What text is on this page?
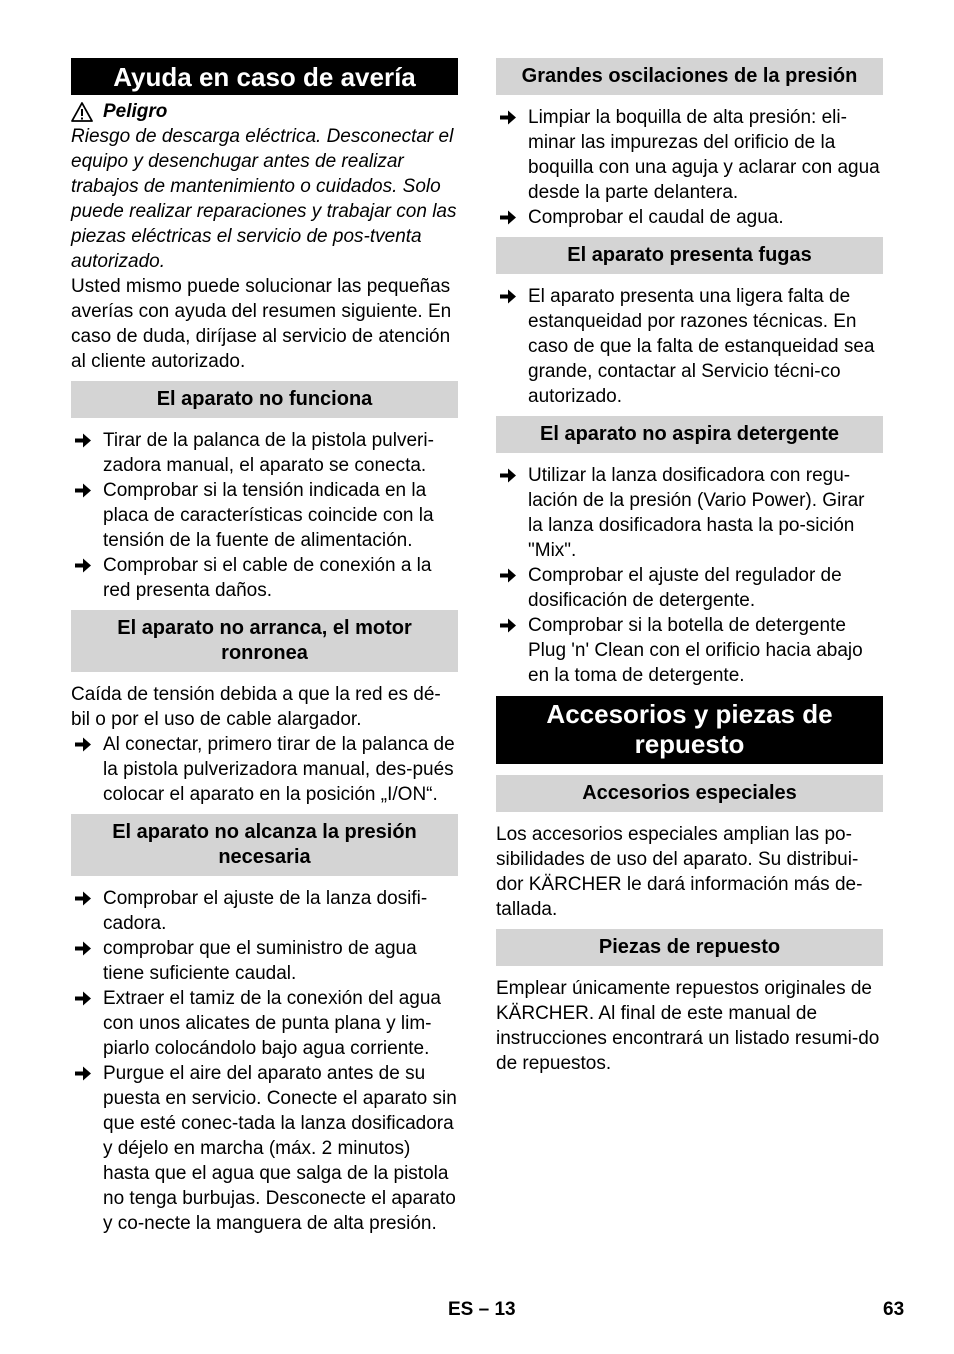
Ayuda en caso de avería
Peligro

Riesgo de descarga eléctrica. Desconectar el equipo y desenchugar antes de realizar trabajos de mantenimiento o cuidados. Solo puede realizar reparaciones y trabajar con las piezas eléctricas el servicio de pos-tventa autorizado.

Usted mismo puede solucionar las pequeñas averías con ayuda del resumen siguiente. En caso de duda, diríjase al servicio de atención al cliente autorizado.

El aparato no funciona
Tirar de la palanca de la pistola pulveri-zadora manual, el aparato se conecta.
Comprobar si la tensión indicada en la placa de características coincide con la tensión de la fuente de alimentación.
Comprobar si el cable de conexión a la red presenta daños.
El aparato no arranca, el motor ronronea

Caída de tensión debida a que la red es dé-bil o por el uso de cable alargador.

Al conectar, primero tirar de la palanca de la pistola pulverizadora manual, des-pués colocar el aparato en la posición „I/ON“.
El aparato no alcanza la presión necesaria
Comprobar el ajuste de la lanza dosifi-cadora.
comprobar que el suministro de agua tiene suficiente caudal.
Extraer el tamiz de la conexión del agua con unos alicates de punta plana y lim-piarlo colocándolo bajo agua corriente.
Purgue el aire del aparato antes de su puesta en servicio. Conecte el aparato sin que esté conec-tada la lanza dosificadora y déjelo en marcha (máx. 2 minutos) hasta que el agua que salga de la pistola no tenga burbujas. Desconecte el aparato y co-necte la manguera de alta presión.
Grandes oscilaciones de la presión
Limpiar la boquilla de alta presión: eli-minar las impurezas del orificio de la boquilla con una aguja y aclarar con agua desde la parte delantera.
Comprobar el caudal de agua.
El aparato presenta fugas
El aparato presenta una ligera falta de estanqueidad por razones técnicas. En caso de que la falta de estanqueidad sea grande, contactar al Servicio técni-co autorizado.
El aparato no aspira detergente
Utilizar la lanza dosificadora con regu-lación de la presión (Vario Power). Girar la lanza dosificadora hasta la po-sición "Mix".
Comprobar el ajuste del regulador de dosificación de detergente.
Comprobar si la botella de detergente Plug 'n' Clean con el orificio hacia abajo en la toma de detergente.
Accesorios y piezas de repuesto
Accesorios especiales

Los accesorios especiales amplian las po-sibilidades de uso del aparato. Su distribui-dor KÄRCHER le dará información más de-tallada.

Piezas de repuesto

Emplear únicamente repuestos originales de KÄRCHER. Al final de este manual de instrucciones encontrará un listado resumi-do de repuestos.

ES – 13	63
